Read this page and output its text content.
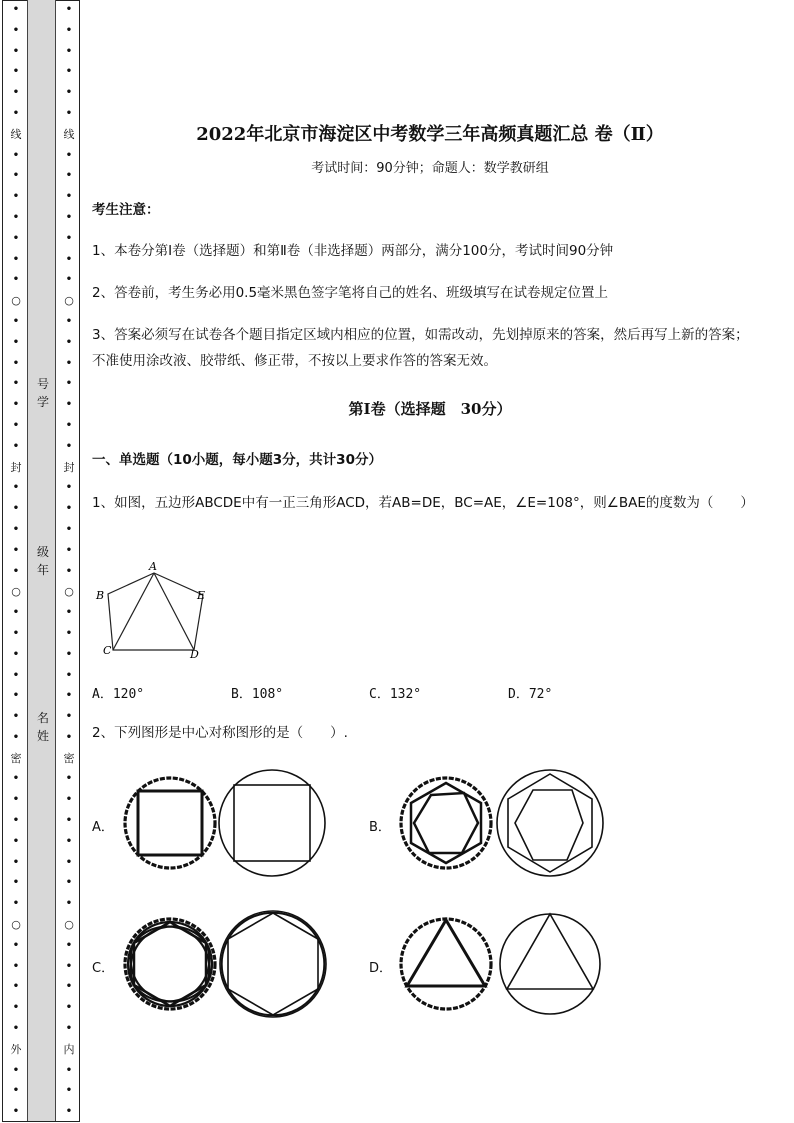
•
•
•
•
•
•
线
•
•
•
•
•
•
•
○
•
•
•
•
•
•
•
封
•
•
•
•
•
○
•
•
•
•
•
•
•
密
•
•
•
•
•
•
•
○
•
•
•
•
•
外
•
•
•
•
•
•
•
•
•
线
•
•
•
•
•
•
•
○
•
•
•
•
•
•
•
封
•
•
•
•
•
○
•
•
•
•
•
•
•
密
•
•
•
•
•
•
•
○
•
•
•
•
•
内
•
•
•
号
学
级
年
名
姓
2022年北京市海淀区中考数学三年高频真题汇总 卷（Ⅱ）
考试时间：90分钟；命题人：数学教研组
考生注意：
1、本卷分第Ⅰ卷（选择题）和第Ⅱ卷（非选择题）两部分，满分100分，考试时间90分钟
2、答卷前，考生务必用0.5毫米黑色签字笔将自己的姓名、班级填写在试卷规定位置上
3、答案必须写在试卷各个题目指定区域内相应的位置，如需改动，先划掉原来的答案，然后再写上新的答案；不准使用涂改液、胶带纸、修正带，不按以上要求作答的答案无效。
第Ⅰ卷（选择题　30分）
一、单选题（10小题，每小题3分，共计30分）
1、如图，五边形ABCDE中有一正三角形ACD，若AB=DE，BC=AE，∠E=108°，则∠BAE的度数为（　　）
A
B	E
C	D
A．120°	B．108°	C．132°	D．72°
2、下列图形是中心对称图形的是（　　）.
A．	B．
C．	D．
